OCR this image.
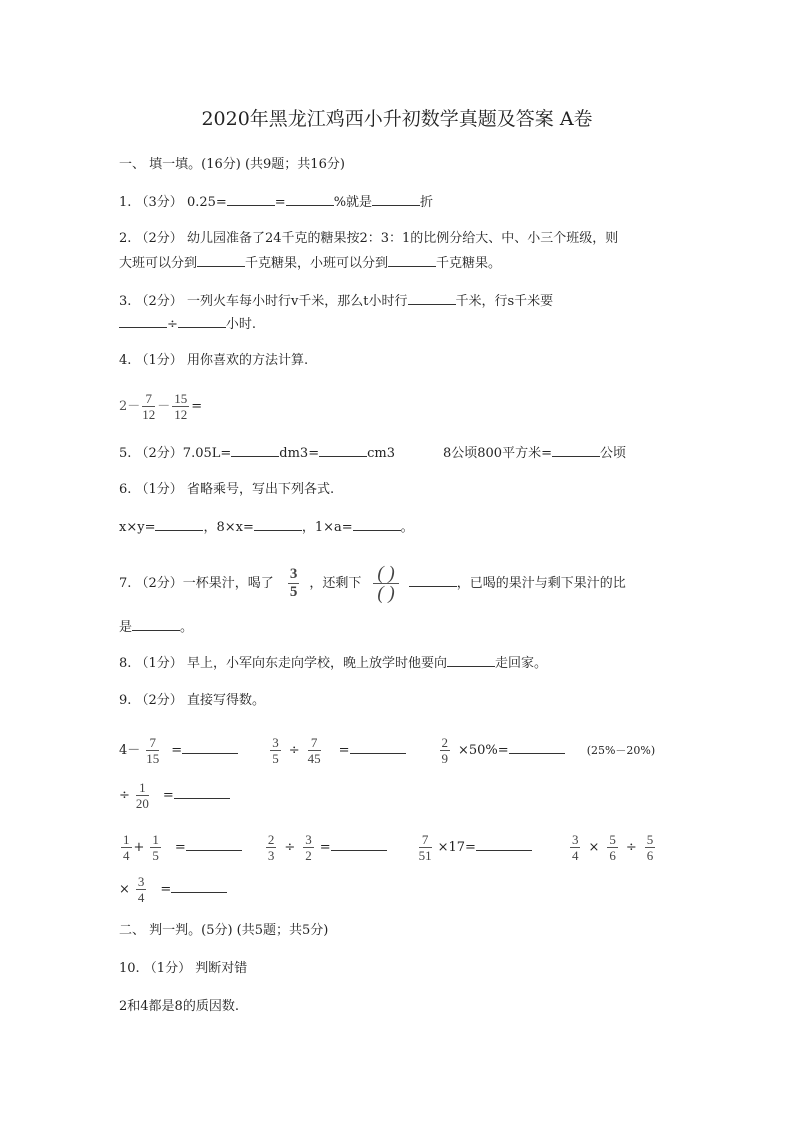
2020年黑龙江鸡西小升初数学真题及答案 A卷
一、 填一填。(16分) (共9题；共16分)
1. （3分） 0.25=	=	%就是	折
2. （2分） 幼儿园准备了24千克的糖果按2：3：1的比例分给大、中、小三个班级，则
大班可以分到	千克糖果，小班可以分到	千克糖果。
3. （2分） 一列火车每小时行v千米，那么t小时行	千米，行s千米要
÷	小时.
4. （1分） 用你喜欢的方法计算.
$2- \frac{7}{12} - \frac{15}{12}$ =
5. （2分）7.05L=	dm3=	cm3	8公顷800平方米=	公顷
6. （1分） 省略乘号，写出下列各式.
x×y=	，8×x=	，1×a=	。
7. （2分）一杯果汁，喝了 $\frac{3}{5}$ ，还剩下 $\frac{( )}{( )}$	，已喝的果汁与剩下果汁的比
是	。
8. （1分） 早上，小军向东走向学校，晚上放学时他要向	走回家。
9. （2分） 直接写得数。
$4- \frac{7}{15}$ =	$\frac{3}{5} \div \frac{7}{45}$ =	$\frac{2}{9} \times 50\%=$	(25%－20%)
÷ $\frac{1}{20}$ =
$\frac{1}{4} + \frac{1}{5}$ =	$\frac{2}{3} \div \frac{3}{2}$ =	$\frac{7}{51} \times 17=$	$\frac{3}{4} \times \frac{5}{6} \div \frac{5}{6}$
× $\frac{3}{4}$ =
二、 判一判。(5分) (共5题；共5分)
10. （1分） 判断对错
2和4都是8的质因数.
